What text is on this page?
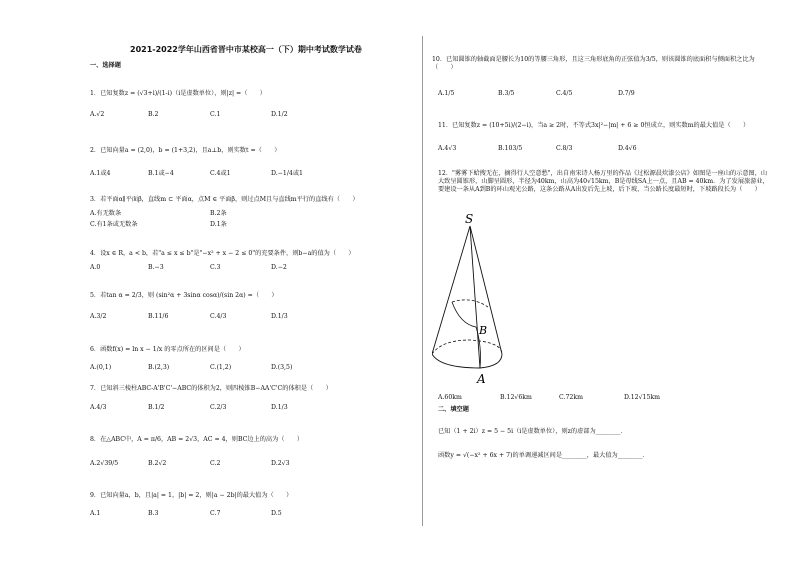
2021-2022学年山西省晋中市某校高一（下）期中考试数学试卷
一、选择题
1．已知复数z = (√3+i)/(1-i)（i是虚数单位），则|z| =（　　）
A.√2	B.2	C.1	D.1/2
2．已知向量a = (2,0)，b = (1+3,2)，且a⊥b，则实数t =（　　）
A.1或4	B.1或−4	C.4或1	D.−1/4或1
3．若平面α∥平面β，直线m ⊂ 平面α，点M ∈ 平面β，则过点M且与直线m平行的直线有（　　）
A.有无数条	B.2条
C.有1条或无数条	D.1条
4．设x ∈ R，a < b，若"a ≤ x ≤ b"是"−x² + x − 2 ≤ 0"的充要条件，则b−a的值为（　　）
A.0	B.−3	C.3	D.−2
5．若tan α = 2/3，则 (sin²α + 3sinα cosα)/(sin 2α) =（　　）
A.3/2	B.11/6	C.4/3	D.1/3
6．函数f(x) = ln x − 1/x 的零点所在的区间是（　　）
A.(0,1)	B.(2,3)	C.(1,2)	D.(3,5)
7．已知斜三棱柱ABC-A'B'C'−ABC的体积为2，则四棱锥B−AA'C'C的体积是（　　）
A.4/3	B.1/2	C.2/3	D.1/3
8．在△ABC中，A = π/6，AB = 2√3，AC = 4，则BC边上的高为（　　）
A.2√39/5	B.2√2	C.2	D.2√3
9．已知向量a，b，且|a| = 1，|b| = 2，则|a − 2b|的最大值为（　　）
A.1	B.3	C.7	D.5
10．已知圆锥的轴截面是腰长为10的等腰三角形，且这三角形底角的正弦值为3/5，则该圆锥的底面积与侧面积之比为（　　）
A.1/5	B.3/5	C.4/5	D.7/9
11．已知复数z = (10+5i)/(2−i)，当a ≥ 2时，不等式3x|²−|m| + 6 ≥ 0恒成立，则实数m的最大值是（　　）
A.4√3	B.103/5	C.8/3	D.4√6
12．"雾雾下蛤搜无在，摘得行人空意愁"，出自南宋诗人杨万里的作品《过松源晨炊漆公店》如图是一座山的示意图，山大致呈圆锥形，山脚呈圆形，半径为40km，山高为40√15km，B是母线SA上一点，且AB = 40km．为了发展旅游业，要建设一条从A到B的环山观光公路，这条公路从A出发后先上坡，后下坡，当公路长度最短时，下坡路段长为（　　）
S
B
A
A.60km	B.12√6km	C.72km	D.12√15km
二、填空题
已知（1 + 2i）z = 5 − 5i（i是虚数单位），则z的虚部为________．
函数y = √(−x² + 6x + 7)的单调递减区间是________，最大值为________．
